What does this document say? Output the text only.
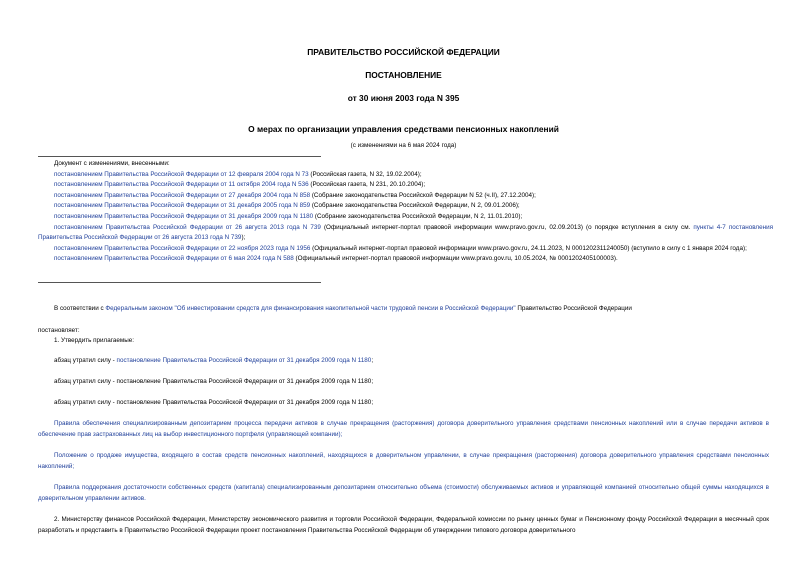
ПРАВИТЕЛЬСТВО РОССИЙСКОЙ ФЕДЕРАЦИИ
ПОСТАНОВЛЕНИЕ
от 30 июня 2003 года N 395
О мерах по организации управления средствами пенсионных накоплений
(с изменениями на 6 мая 2024 года)
Документ с изменениями, внесенными:
постановлением Правительства Российской Федерации от 12 февраля 2004 года N 73 (Российская газета, N 32, 19.02.2004);
постановлением Правительства Российской Федерации от 11 октября 2004 года N 536 (Российская газета, N 231, 20.10.2004);
постановлением Правительства Российской Федерации от 27 декабря 2004 года N 858 (Собрание законодательства Российской Федерации N 52 (ч.II), 27.12.2004);
постановлением Правительства Российской Федерации от 31 декабря 2005 года N 859 (Собрание законодательства Российской Федерации, N 2, 09.01.2006);
постановлением Правительства Российской Федерации от 31 декабря 2009 года N 1180 (Собрание законодательства Российской Федерации, N 2, 11.01.2010);
постановлением Правительства Российской Федерации от 26 августа 2013 года N 739 (Официальный интернет-портал правовой информации www.pravo.gov.ru, 02.09.2013) (о порядке вступления в силу см. пункты 4-7 постановления Правительства Российской Федерации от 26 августа 2013 года N 739);
постановлением Правительства Российской Федерации от 22 ноября 2023 года N 1956 (Официальный интернет-портал правовой информации www.pravo.gov.ru, 24.11.2023, N 0001202311240050) (вступило в силу с 1 января 2024 года);
постановлением Правительства Российской Федерации от 6 мая 2024 года N 588 (Официальный интернет-портал правовой информации www.pravo.gov.ru, 10.05.2024, № 0001202405100003).
В соответствии с Федеральным законом "Об инвестировании средств для финансирования накопительной части трудовой пенсии в Российской Федерации" Правительство Российской Федерации
постановляет:
1. Утвердить прилагаемые:
абзац утратил силу - постановление Правительства Российской Федерации от 31 декабря 2009 года N 1180;
абзац утратил силу - постановление Правительства Российской Федерации от 31 декабря 2009 года N 1180;
абзац утратил силу - постановление Правительства Российской Федерации от 31 декабря 2009 года N 1180;
Правила обеспечения специализированным депозитарием процесса передачи активов в случае прекращения (расторжения) договора доверительного управления средствами пенсионных накоплений или в случае передачи активов в обеспечение прав застрахованных лиц на выбор инвестиционного портфеля (управляющей компании);
Положение о продаже имущества, входящего в состав средств пенсионных накоплений, находящихся в доверительном управлении, в случае прекращения (расторжения) договора доверительного управления средствами пенсионных накоплений;
Правила поддержания достаточности собственных средств (капитала) специализированным депозитарием относительно объема (стоимости) обслуживаемых активов и управляющей компанией относительно общей суммы находящихся в доверительном управлении активов.
2. Министерству финансов Российской Федерации, Министерству экономического развития и торговли Российской Федерации, Федеральной комиссии по рынку ценных бумаг и Пенсионному фонду Российской Федерации в месячный срок разработать и представить в Правительство Российской Федерации проект постановления Правительства Российской Федерации об утверждении типового договора доверительного
